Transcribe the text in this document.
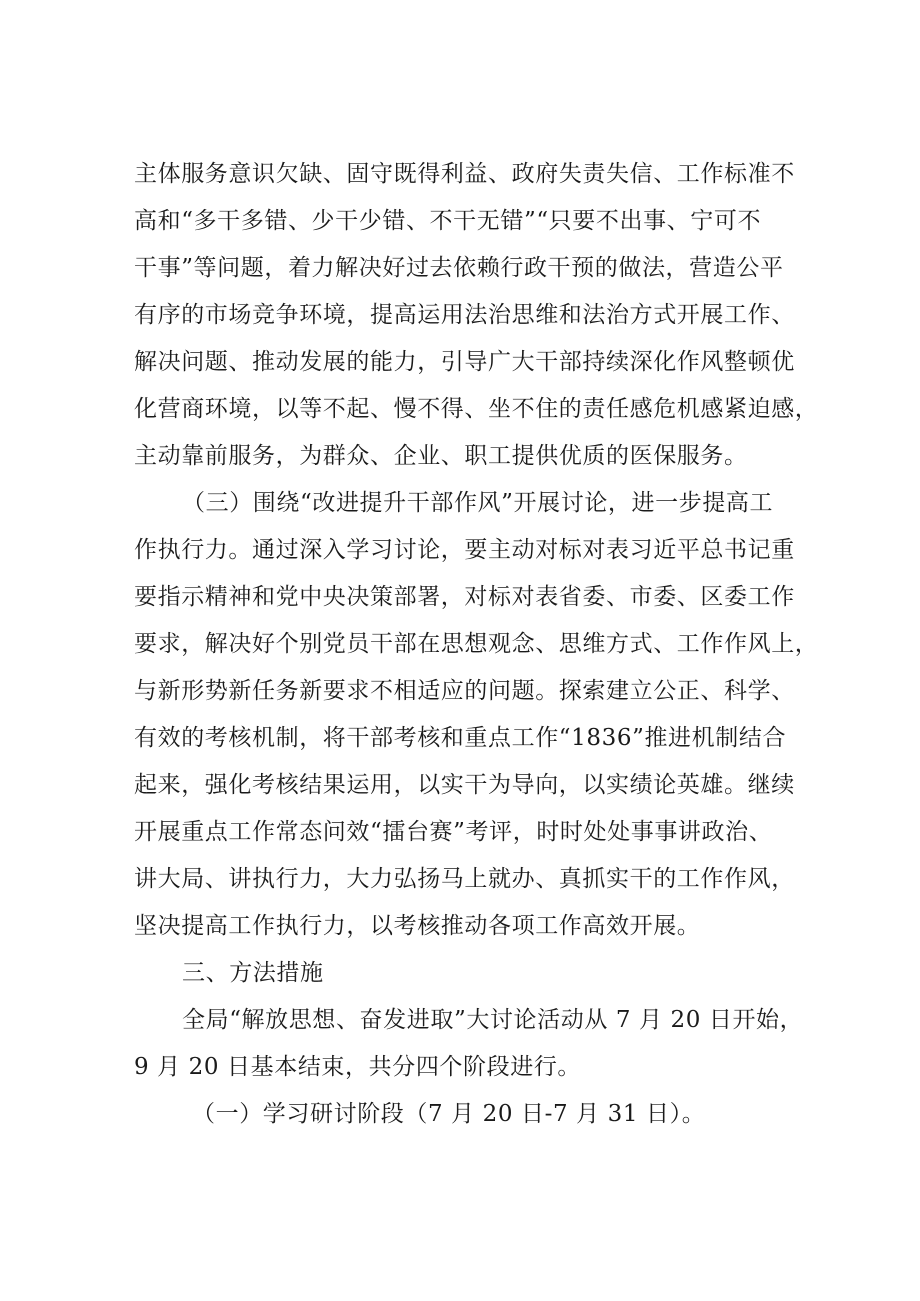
主体服务意识欠缺、固守既得利益、政府失责失信、工作标准不
高和“多干多错、少干少错、不干无错”“只要不出事、宁可不
干事”等问题，着力解决好过去依赖行政干预的做法，营造公平
有序的市场竞争环境，提高运用法治思维和法治方式开展工作、
解决问题、推动发展的能力，引导广大干部持续深化作风整顿优
化营商环境，以等不起、慢不得、坐不住的责任感危机感紧迫感，
主动靠前服务，为群众、企业、职工提供优质的医保服务。
（三）围绕“改进提升干部作风”开展讨论，进一步提高工
作执行力。通过深入学习讨论，要主动对标对表习近平总书记重
要指示精神和党中央决策部署，对标对表省委、市委、区委工作
要求，解决好个别党员干部在思想观念、思维方式、工作作风上，
与新形势新任务新要求不相适应的问题。探索建立公正、科学、
有效的考核机制，将干部考核和重点工作“1836”推进机制结合
起来，强化考核结果运用，以实干为导向，以实绩论英雄。继续
开展重点工作常态问效“擂台赛”考评，时时处处事事讲政治、
讲大局、讲执行力，大力弘扬马上就办、真抓实干的工作作风，
坚决提高工作执行力，以考核推动各项工作高效开展。
三、方法措施
全局“解放思想、奋发进取”大讨论活动从 7 月 20 日开始，
9 月 20 日基本结束，共分四个阶段进行。
（一）学习研讨阶段（7 月 20 日-7 月 31 日）。
